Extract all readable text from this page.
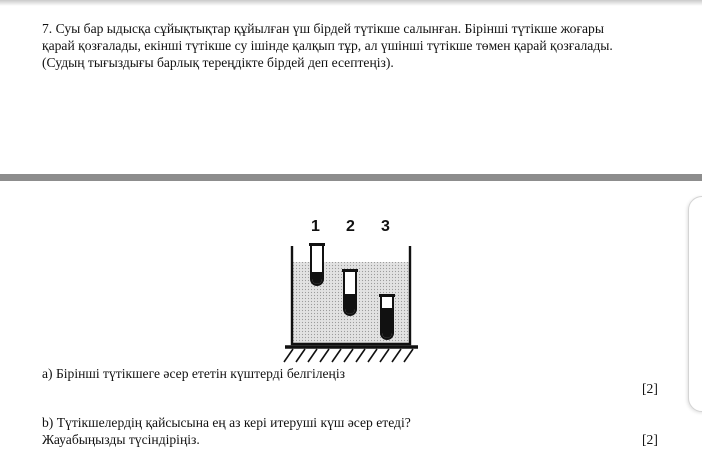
7. Суы бар ыдысқа сұйықтықтар құйылған үш бірдей түтікше салынған. Бірінші түтікше жоғары
қарай қозғалады, екінші түтікше су ішінде қалқып тұр, ал үшінші түтікше төмен қарай қозғалады.
(Судың тығыздығы барлық тереңдікте бірдей деп есептеңіз).
1 2 3
a) Бірінші түтікшеге әсер ететін күштерді белгілеңіз
[2]
b) Түтікшелердің қайсысына ең аз кері итеруші күш әсер етеді?
Жауабыңызды түсіндіріңіз.	[2]
